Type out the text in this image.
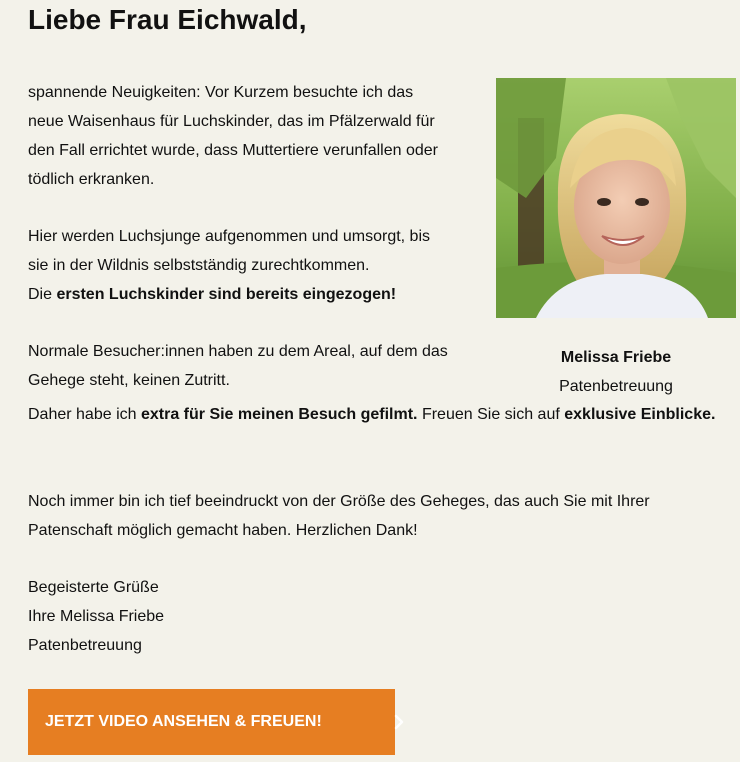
Liebe Frau Eichwald,

spannende Neuigkeiten: Vor Kurzem besuchte ich das neue Waisenhaus für Luchskinder, das im Pfälzerwald für den Fall errichtet wurde, dass Muttertiere verunfallen oder tödlich erkranken.

Hier werden Luchsjunge aufgenommen und umsorgt, bis sie in der Wildnis selbstständig zurechtkommen.
Die ersten Luchskinder sind bereits eingezogen!

Normale Besucher:innen haben zu dem Areal, auf dem das Gehege steht, keinen Zutritt.

Daher habe ich extra für Sie meinen Besuch gefilmt. Freuen Sie sich auf exklusive Einblicke.

Noch immer bin ich tief beeindruckt von der Größe des Geheges, das auch Sie mit Ihrer Patenschaft möglich gemacht haben. Herzlichen Dank!

Begeisterte Grüße
Ihre Melissa Friebe
Patenbetreuung

Melissa Friebe

Patenbetreuung

JETZT VIDEO ANSEHEN & FREUEN!
